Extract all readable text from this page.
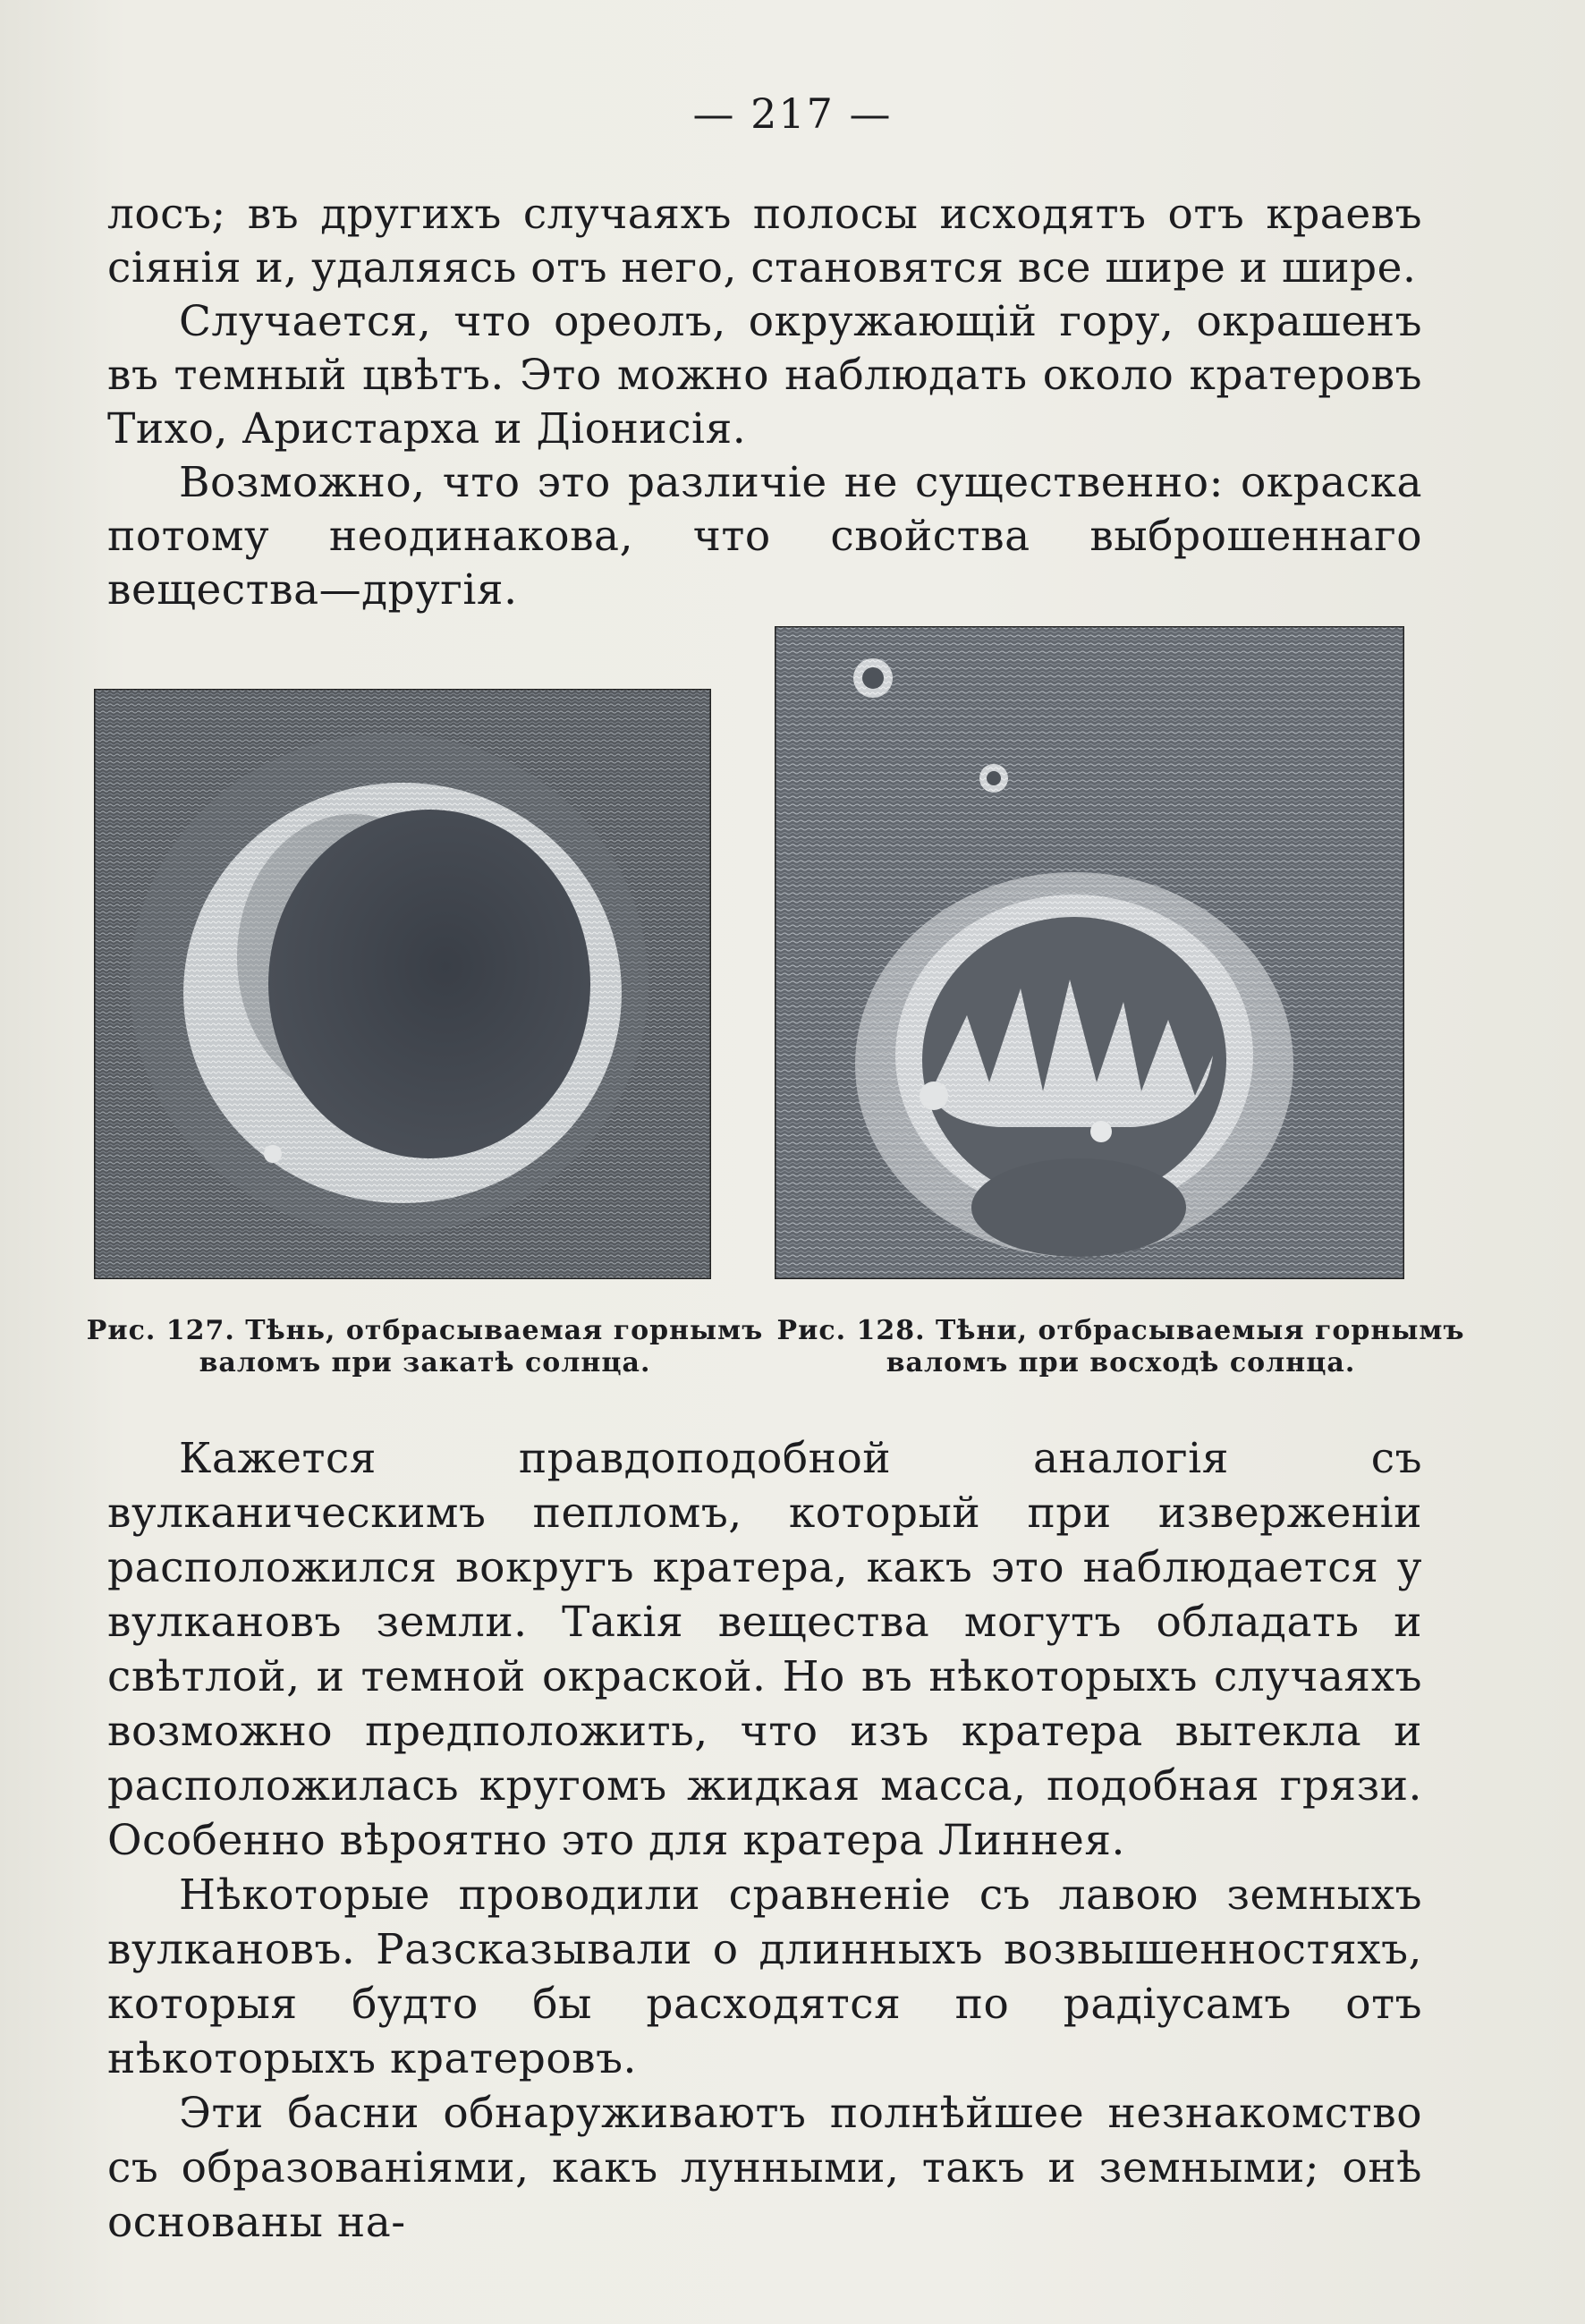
— 217 —

лосъ; въ другихъ случаяхъ полосы исходятъ отъ краевъ сіянія и, удаляясь отъ него, становятся все шире и шире.

Случается, что ореолъ, окружающій гору, окрашенъ въ темный цвѣтъ. Это можно наблюдать около кратеровъ Тихо, Аристарха и Діонисія.

Возможно, что это различіе не существенно: окраска потому неодинакова, что свойства выброшеннаго вещества—другія.

Рис. 127. Тѣнь, отбрасываемая горнымъ валомъ при закатѣ солнца.
Рис. 128. Тѣни, отбрасываемыя горнымъ валомъ при восходѣ солнца.

Кажется правдоподобной аналогія съ вулканическимъ пепломъ, который при изверженіи расположился вокругъ кратера, какъ это наблюдается у вулкановъ земли. Такія вещества могутъ обладать и свѣтлой, и темной окраской. Но въ нѣкоторыхъ случаяхъ возможно предположить, что изъ кратера вытекла и расположилась кругомъ жидкая масса, подобная грязи. Особенно вѣроятно это для кратера Линнея.

Нѣкоторые проводили сравненіе съ лавою земныхъ вулкановъ. Разсказывали о длинныхъ возвышенностяхъ, которыя будто бы расходятся по радіусамъ отъ нѣкоторыхъ кратеровъ.

Эти басни обнаруживаютъ полнѣйшее незнакомство съ образованіями, какъ лунными, такъ и земными; онѣ основаны на-
